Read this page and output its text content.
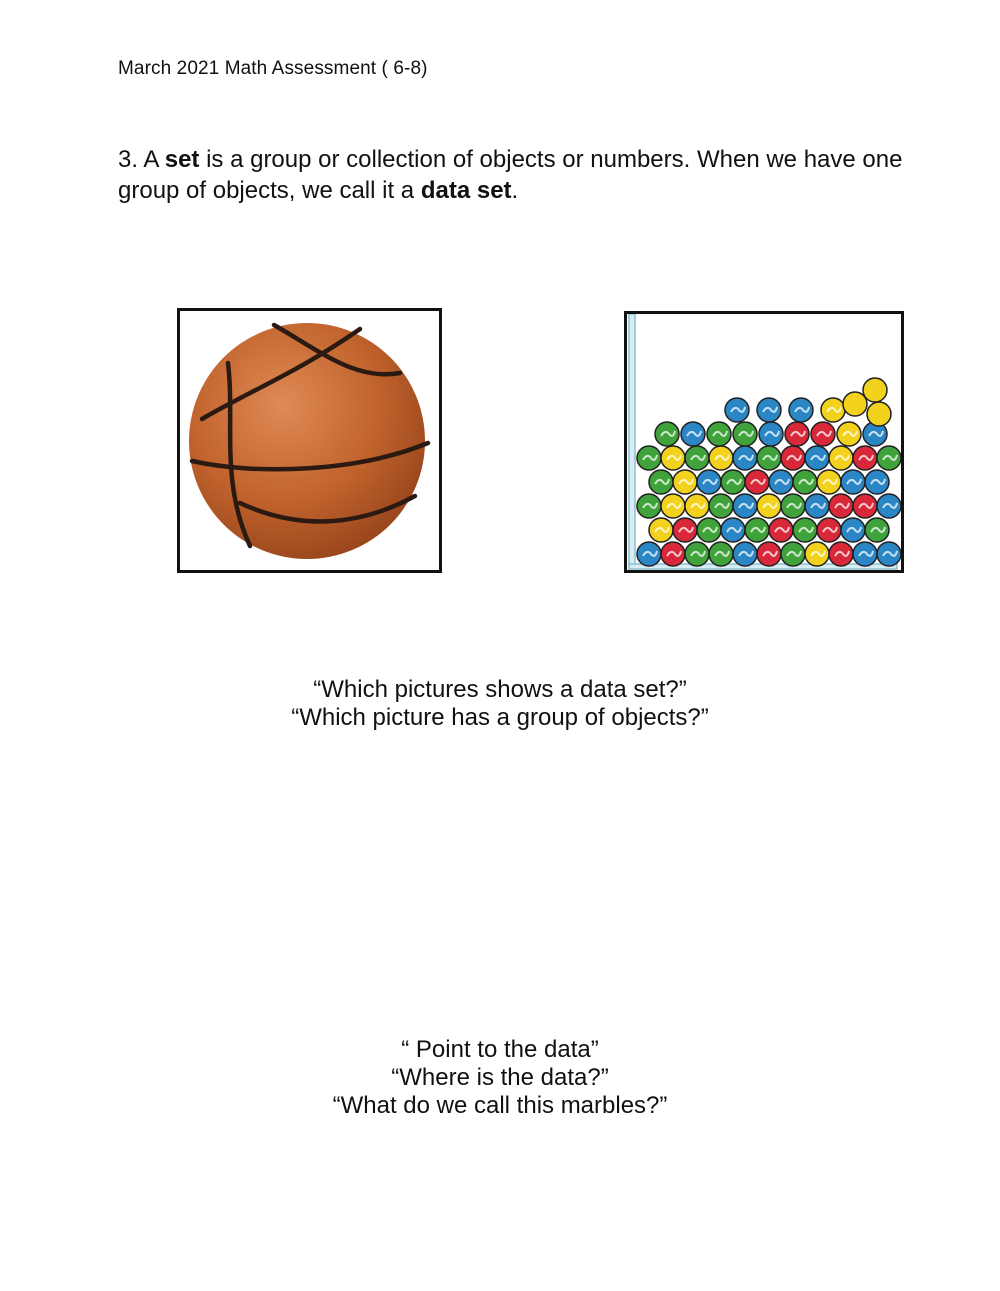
March 2021 Math Assessment ( 6-8)
3. A set is a group or collection of objects or numbers. When we have one group of objects, we call it a data set.
“Which pictures shows a data set?”
“Which picture has a group of objects?”
“ Point to the data”
“Where is the data?”
“What do we call this marbles?”
